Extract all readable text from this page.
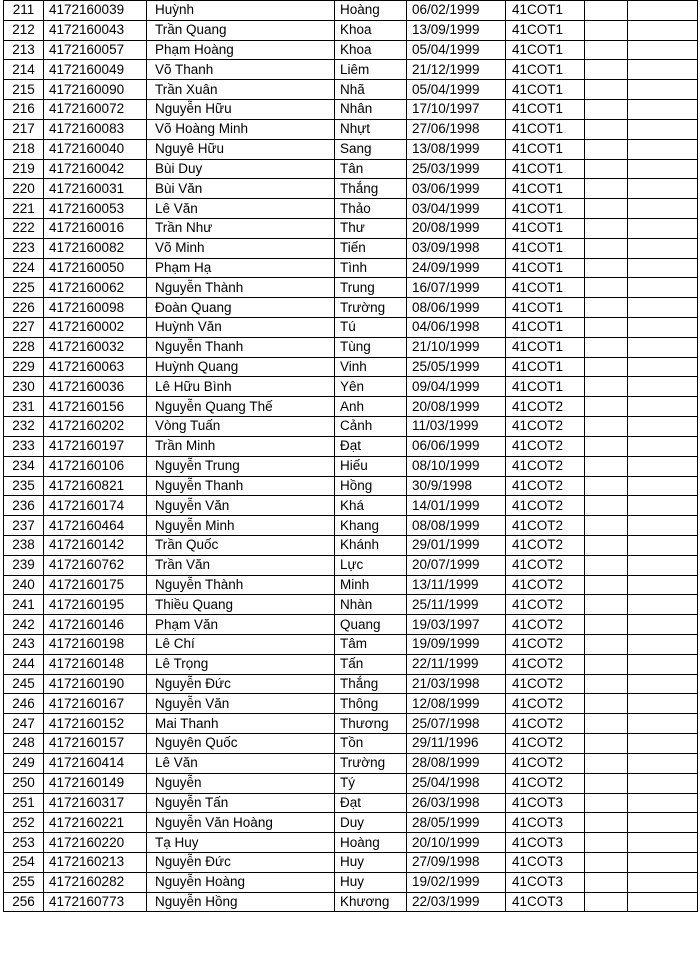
211	4172160039	Huỳnh	Hoàng	06/02/1999	41COT1		
212	4172160043	Trần Quang	Khoa	13/09/1999	41COT1		
213	4172160057	Phạm Hoàng	Khoa	05/04/1999	41COT1		
214	4172160049	Võ Thanh	Liêm	21/12/1999	41COT1		
215	4172160090	Trần Xuân	Nhã	05/04/1999	41COT1		
216	4172160072	Nguyễn Hữu	Nhân	17/10/1997	41COT1		
217	4172160083	Võ Hoàng Minh	Nhựt	27/06/1998	41COT1		
218	4172160040	Nguyê Hữu	Sang	13/08/1999	41COT1		
219	4172160042	Bùi Duy	Tân	25/03/1999	41COT1		
220	4172160031	Bùi Văn	Thắng	03/06/1999	41COT1		
221	4172160053	Lê Văn	Thảo	03/04/1999	41COT1		
222	4172160016	Trần Như	Thư	20/08/1999	41COT1		
223	4172160082	Võ Minh	Tiến	03/09/1998	41COT1		
224	4172160050	Phạm Hạ	Tình	24/09/1999	41COT1		
225	4172160062	Nguyễn Thành	Trung	16/07/1999	41COT1		
226	4172160098	Đoàn Quang	Trường	08/06/1999	41COT1		
227	4172160002	Huỳnh Văn	Tú	04/06/1998	41COT1		
228	4172160032	Nguyễn Thanh	Tùng	21/10/1999	41COT1		
229	4172160063	Huỳnh Quang	Vinh	25/05/1999	41COT1		
230	4172160036	Lê Hữu Bình	Yên	09/04/1999	41COT1		
231	4172160156	Nguyễn Quang Thế	Anh	20/08/1999	41COT2		
232	4172160202	Vòng Tuấn	Cảnh	11/03/1999	41COT2		
233	4172160197	Trần Minh	Đạt	06/06/1999	41COT2		
234	4172160106	Nguyễn Trung	Hiếu	08/10/1999	41COT2		
235	4172160821	Nguyễn Thanh	Hồng	30/9/1998	41COT2		
236	4172160174	Nguyễn Văn	Khá	14/01/1999	41COT2		
237	4172160464	Nguyễn Minh	Khang	08/08/1999	41COT2		
238	4172160142	Trần Quốc	Khánh	29/01/1999	41COT2		
239	4172160762	Trần Văn	Lực	20/07/1999	41COT2		
240	4172160175	Nguyễn Thành	Minh	13/11/1999	41COT2		
241	4172160195	Thiều Quang	Nhàn	25/11/1999	41COT2		
242	4172160146	Phạm Văn	Quang	19/03/1997	41COT2		
243	4172160198	Lê Chí	Tâm	19/09/1999	41COT2		
244	4172160148	Lê Trọng	Tấn	22/11/1999	41COT2		
245	4172160190	Nguyễn Đức	Thắng	21/03/1998	41COT2		
246	4172160167	Nguyễn Văn	Thông	12/08/1999	41COT2		
247	4172160152	Mai Thanh	Thương	25/07/1998	41COT2		
248	4172160157	Nguyên Quốc	Tồn	29/11/1996	41COT2		
249	4172160414	Lê Văn	Trường	28/08/1999	41COT2		
250	4172160149	Nguyễn	Tý	25/04/1998	41COT2		
251	4172160317	Nguyễn Tấn	Đạt	26/03/1998	41COT3		
252	4172160221	Nguyễn Văn Hoàng	Duy	28/05/1999	41COT3		
253	4172160220	Tạ Huy	Hoàng	20/10/1999	41COT3		
254	4172160213	Nguyễn Đức	Huy	27/09/1998	41COT3		
255	4172160282	Nguyễn Hoàng	Huy	19/02/1999	41COT3		
256	4172160773	Nguyễn Hồng	Khương	22/03/1999	41COT3		
